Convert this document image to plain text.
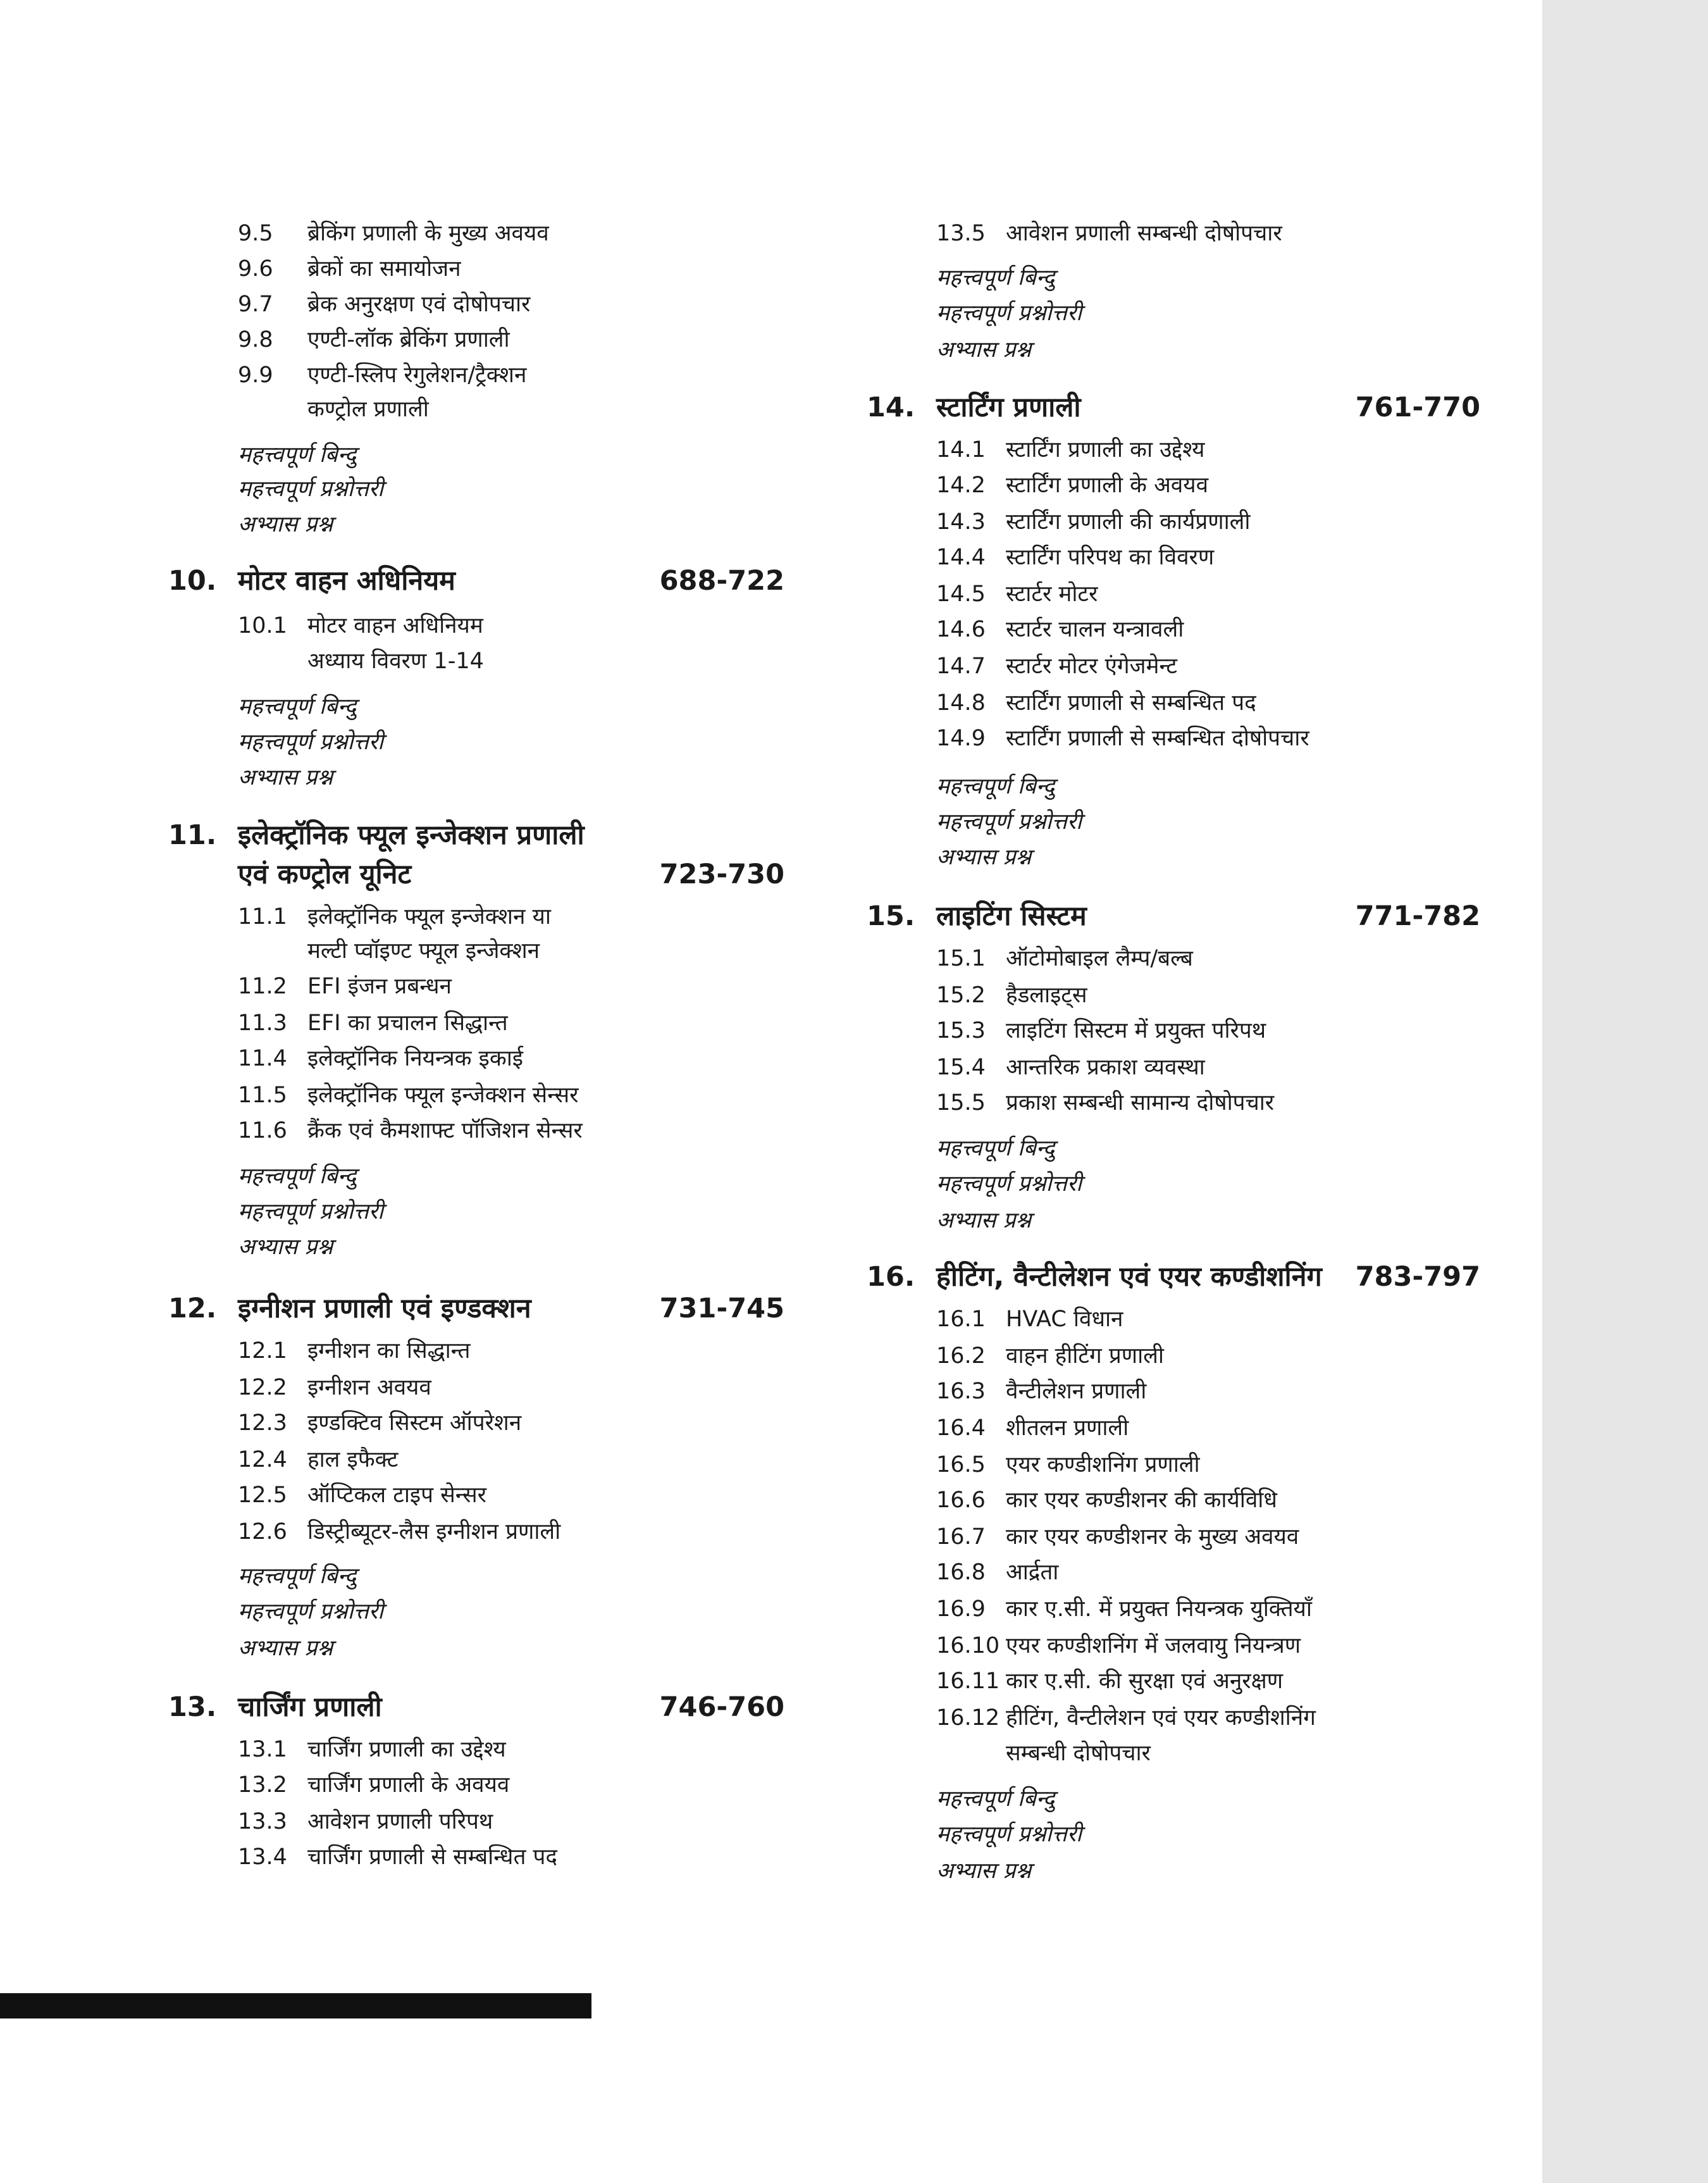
9.5 ब्रेकिंग प्रणाली के मुख्य अवयव
9.6 ब्रेकों का समायोजन
9.7 ब्रेक अनुरक्षण एवं दोषोपचार
9.8 एण्टी-लॉक ब्रेकिंग प्रणाली
9.9 एण्टी-स्लिप रेगुलेशन/ट्रैक्शन
कण्ट्रोल प्रणाली
महत्त्वपूर्ण बिन्दु
महत्त्वपूर्ण प्रश्नोत्तरी
अभ्यास प्रश्न
10. मोटर वाहन अधिनियम	688-722
10.1 मोटर वाहन अधिनियम
अध्याय विवरण 1-14
महत्त्वपूर्ण बिन्दु
महत्त्वपूर्ण प्रश्नोत्तरी
अभ्यास प्रश्न
11. इलेक्ट्रॉनिक फ्यूल इन्जेक्शन प्रणाली
एवं कण्ट्रोल यूनिट	723-730
11.1 इलेक्ट्रॉनिक फ्यूल इन्जेक्शन या
मल्टी प्वॉइण्ट फ्यूल इन्जेक्शन
11.2 EFI इंजन प्रबन्धन
11.3 EFI का प्रचालन सिद्धान्त
11.4 इलेक्ट्रॉनिक नियन्त्रक इकाई
11.5 इलेक्ट्रॉनिक फ्यूल इन्जेक्शन सेन्सर
11.6 क्रैंक एवं कैमशाफ्ट पॉजिशन सेन्सर
महत्त्वपूर्ण बिन्दु
महत्त्वपूर्ण प्रश्नोत्तरी
अभ्यास प्रश्न
12. इग्नीशन प्रणाली एवं इण्डक्शन	731-745
12.1 इग्नीशन का सिद्धान्त
12.2 इग्नीशन अवयव
12.3 इण्डक्टिव सिस्टम ऑपरेशन
12.4 हाल इफैक्ट
12.5 ऑप्टिकल टाइप सेन्सर
12.6 डिस्ट्रीब्यूटर-लैस इग्नीशन प्रणाली
महत्त्वपूर्ण बिन्दु
महत्त्वपूर्ण प्रश्नोत्तरी
अभ्यास प्रश्न
13. चार्जिंग प्रणाली	746-760
13.1 चार्जिंग प्रणाली का उद्देश्य
13.2 चार्जिंग प्रणाली के अवयव
13.3 आवेशन प्रणाली परिपथ
13.4 चार्जिंग प्रणाली से सम्बन्धित पद
13.5 आवेशन प्रणाली सम्बन्धी दोषोपचार
महत्त्वपूर्ण बिन्दु
महत्त्वपूर्ण प्रश्नोत्तरी
अभ्यास प्रश्न
14. स्टार्टिंग प्रणाली	761-770
14.1 स्टार्टिंग प्रणाली का उद्देश्य
14.2 स्टार्टिंग प्रणाली के अवयव
14.3 स्टार्टिंग प्रणाली की कार्यप्रणाली
14.4 स्टार्टिंग परिपथ का विवरण
14.5 स्टार्टर मोटर
14.6 स्टार्टर चालन यन्त्रावली
14.7 स्टार्टर मोटर एंगेजमेन्ट
14.8 स्टार्टिंग प्रणाली से सम्बन्धित पद
14.9 स्टार्टिंग प्रणाली से सम्बन्धित दोषोपचार
महत्त्वपूर्ण बिन्दु
महत्त्वपूर्ण प्रश्नोत्तरी
अभ्यास प्रश्न
15. लाइटिंग सिस्टम	771-782
15.1 ऑटोमोबाइल लैम्प/बल्ब
15.2 हैडलाइट्स
15.3 लाइटिंग सिस्टम में प्रयुक्त परिपथ
15.4 आन्तरिक प्रकाश व्यवस्था
15.5 प्रकाश सम्बन्धी सामान्य दोषोपचार
महत्त्वपूर्ण बिन्दु
महत्त्वपूर्ण प्रश्नोत्तरी
अभ्यास प्रश्न
16. हीटिंग, वैन्टीलेशन एवं एयर कण्डीशनिंग	783-797
16.1 HVAC विधान
16.2 वाहन हीटिंग प्रणाली
16.3 वैन्टीलेशन प्रणाली
16.4 शीतलन प्रणाली
16.5 एयर कण्डीशनिंग प्रणाली
16.6 कार एयर कण्डीशनर की कार्यविधि
16.7 कार एयर कण्डीशनर के मुख्य अवयव
16.8 आर्द्रता
16.9 कार ए.सी. में प्रयुक्त नियन्त्रक युक्तियाँ
16.10 एयर कण्डीशनिंग में जलवायु नियन्त्रण
16.11 कार ए.सी. की सुरक्षा एवं अनुरक्षण
16.12 हीटिंग, वैन्टीलेशन एवं एयर कण्डीशनिंग
सम्बन्धी दोषोपचार
महत्त्वपूर्ण बिन्दु
महत्त्वपूर्ण प्रश्नोत्तरी
अभ्यास प्रश्न
